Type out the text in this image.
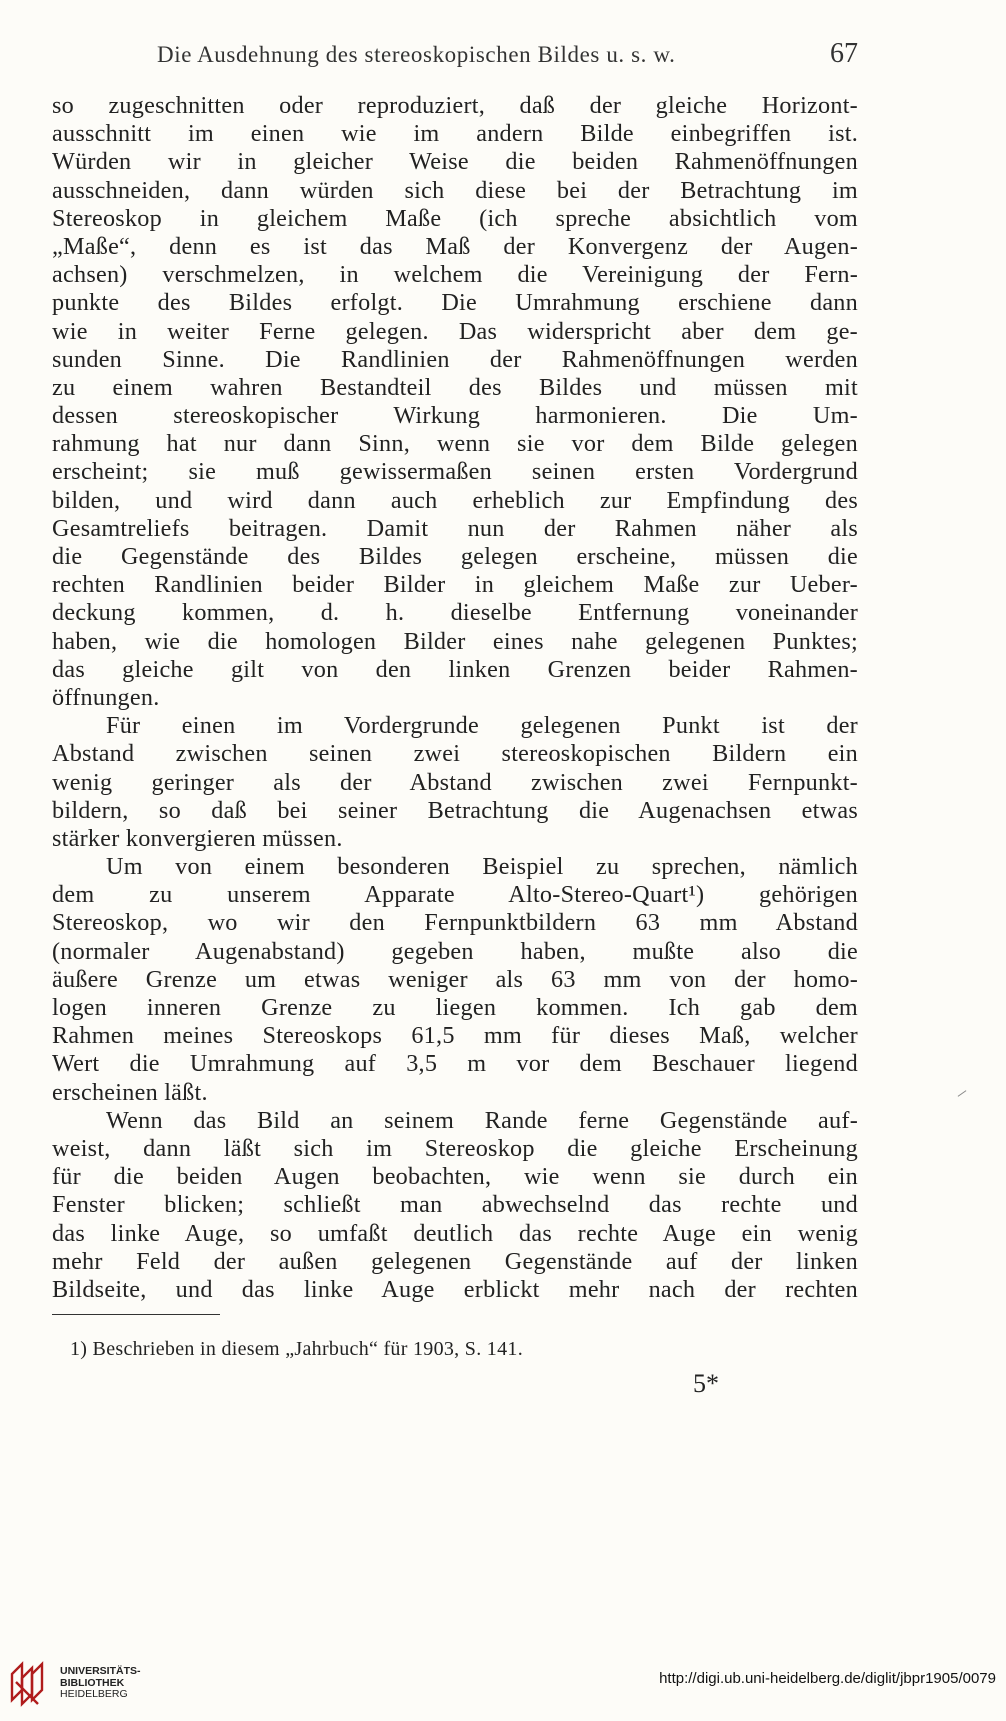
Die Ausdehnung des stereoskopischen Bildes u. s. w.	67
so zugeschnitten oder reproduziert, daß der gleiche Horizont-
ausschnitt im einen wie im andern Bilde einbegriffen ist.
Würden wir in gleicher Weise die beiden Rahmenöffnungen
ausschneiden, dann würden sich diese bei der Betrachtung im
Stereoskop in gleichem Maße (ich spreche absichtlich vom
„Maße“, denn es ist das Maß der Konvergenz der Augen-
achsen) verschmelzen, in welchem die Vereinigung der Fern-
punkte des Bildes erfolgt. Die Umrahmung erschiene dann
wie in weiter Ferne gelegen. Das widerspricht aber dem ge-
sunden Sinne. Die Randlinien der Rahmenöffnungen werden
zu einem wahren Bestandteil des Bildes und müssen mit
dessen stereoskopischer Wirkung harmonieren. Die Um-
rahmung hat nur dann Sinn, wenn sie vor dem Bilde gelegen
erscheint; sie muß gewissermaßen seinen ersten Vordergrund
bilden, und wird dann auch erheblich zur Empfindung des
Gesamtreliefs beitragen. Damit nun der Rahmen näher als
die Gegenstände des Bildes gelegen erscheine, müssen die
rechten Randlinien beider Bilder in gleichem Maße zur Ueber-
deckung kommen, d. h. dieselbe Entfernung voneinander
haben, wie die homologen Bilder eines nahe gelegenen Punktes;
das gleiche gilt von den linken Grenzen beider Rahmen-
öffnungen.
Für einen im Vordergrunde gelegenen Punkt ist der
Abstand zwischen seinen zwei stereoskopischen Bildern ein
wenig geringer als der Abstand zwischen zwei Fernpunkt-
bildern, so daß bei seiner Betrachtung die Augenachsen etwas
stärker konvergieren müssen.
Um von einem besonderen Beispiel zu sprechen, nämlich
dem zu unserem Apparate Alto-Stereo-Quart¹) gehörigen
Stereoskop, wo wir den Fernpunktbildern 63 mm Abstand
(normaler Augenabstand) gegeben haben, mußte also die
äußere Grenze um etwas weniger als 63 mm von der homo-
logen inneren Grenze zu liegen kommen. Ich gab dem
Rahmen meines Stereoskops 61,5 mm für dieses Maß, welcher
Wert die Umrahmung auf 3,5 m vor dem Beschauer liegend
erscheinen läßt.
Wenn das Bild an seinem Rande ferne Gegenstände auf-
weist, dann läßt sich im Stereoskop die gleiche Erscheinung
für die beiden Augen beobachten, wie wenn sie durch ein
Fenster blicken; schließt man abwechselnd das rechte und
das linke Auge, so umfaßt deutlich das rechte Auge ein wenig
mehr Feld der außen gelegenen Gegenstände auf der linken
Bildseite, und das linke Auge erblickt mehr nach der rechten
1) Beschrieben in diesem „Jahrbuch“ für 1903, S. 141.
5*
UNIVERSITÄTS-
BIBLIOTHEK
HEIDELBERG
http://digi.ub.uni-heidelberg.de/diglit/jbpr1905/0079
